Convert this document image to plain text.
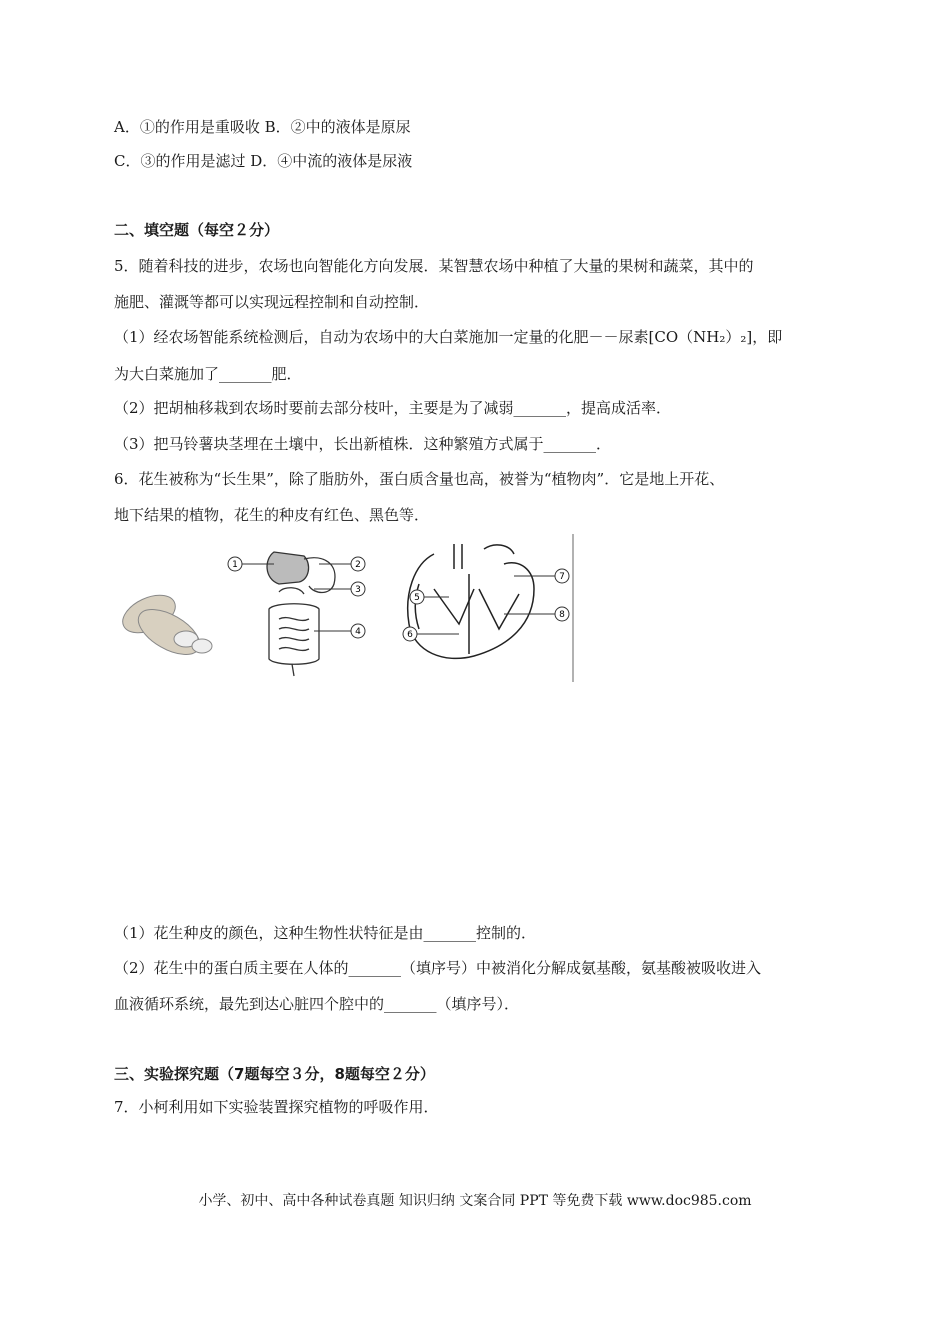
A．①的作用是重吸收 B．②中的液体是原尿
C．③的作用是滤过 D．④中流的液体是尿液
二、填空题（每空２分）
5．随着科技的进步，农场也向智能化方向发展．某智慧农场中种植了大量的果树和蔬菜，其中的
施肥、灌溉等都可以实现远程控制和自动控制．
（1）经农场智能系统检测后，自动为农场中的大白菜施加一定量的化肥－－尿素[CO（NH₂）₂]，即
为大白菜施加了_______肥．
（2）把胡柚移栽到农场时要前去部分枝叶，主要是为了减弱_______，提高成活率．
（3）把马铃薯块茎埋在土壤中，长出新植株．这种繁殖方式属于_______．
6．花生被称为“长生果”，除了脂肪外，蛋白质含量也高，被誉为“植物肉”．它是地上开花、
地下结果的植物，花生的种皮有红色、黑色等．
1	2
3
4
5
6
7
8
（1）花生种皮的颜色，这种生物性状特征是由_______控制的．
（2）花生中的蛋白质主要在人体的_______（填序号）中被消化分解成氨基酸，氨基酸被吸收进入
血液循环系统，最先到达心脏四个腔中的_______（填序号）．
三、实验探究题（7题每空３分，8题每空２分）
7．小柯利用如下实验装置探究植物的呼吸作用．
小学、初中、高中各种试卷真题 知识归纳 文案合同 PPT 等免费下载 www.doc985.com
